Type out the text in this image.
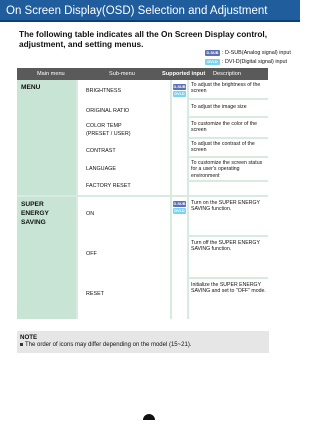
On Screen Display(OSD) Selection and Adjustment
The following table indicates all the On Screen Display control, adjustment, and setting menus.
D-SUB : D-SUB(Analog signal) input
DVI-D : DVI-D(Digital signal) input
Main menu	Sub-menu	Supported input Description
MENU
SUPER
ENERGY
SAVING
BRIGHTNESS
ORIGINAL RATIO
COLOR TEMP
(PRESET / USER)
CONTRAST
LANGUAGE
FACTORY RESET
D-SUB
DVI-D
To adjust the brightness of the screen
To adjust the image size
To customize the color of the screen
To adjust the contrast of the screen
To customize the screen status for a user's operating environment
ON
OFF
RESET
D-SUB
DVI-D
Turn on the SUPER ENERGY SAVING function.
Turn off the SUPER ENERGY SAVING function.
Initialize the SUPER ENERGY SAVING and set to "OFF" mode.
NOTE
The order of icons may differ depending on the model (15~21).
